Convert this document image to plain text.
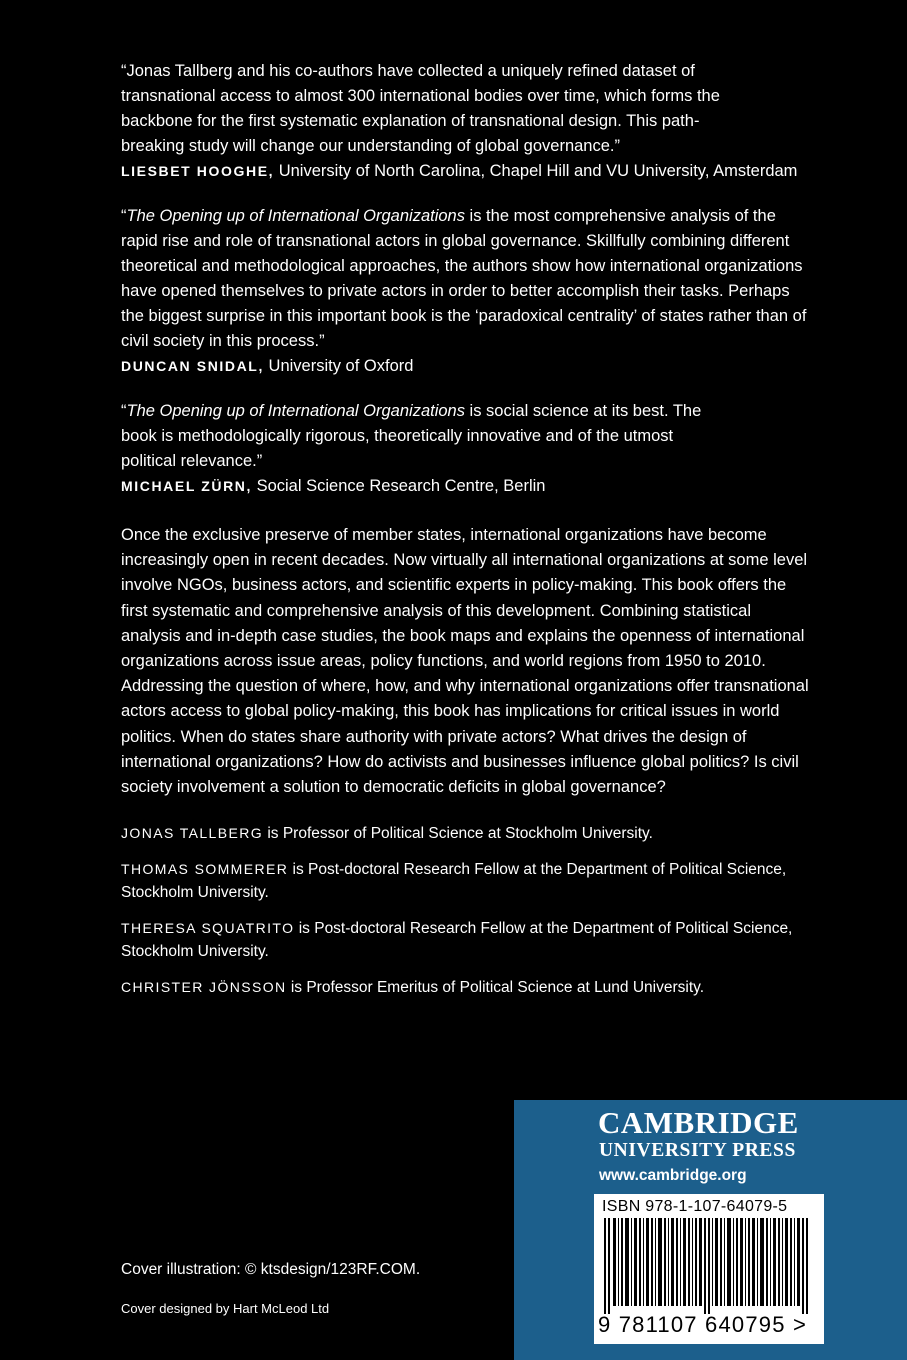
“Jonas Tallberg and his co-authors have collected a uniquely refined dataset of transnational access to almost 300 international bodies over time, which forms the backbone for the first systematic explanation of transnational design. This path-breaking study will change our understanding of global governance.”

LIESBET HOOGHE, University of North Carolina, Chapel Hill and VU University, Amsterdam

“The Opening up of International Organizations is the most comprehensive analysis of the rapid rise and role of transnational actors in global governance. Skillfully combining different theoretical and methodological approaches, the authors show how international organizations have opened themselves to private actors in order to better accomplish their tasks. Perhaps the biggest surprise in this important book is the ‘paradoxical centrality’ of states rather than of civil society in this process.”

DUNCAN SNIDAL, University of Oxford

“The Opening up of International Organizations is social science at its best. The book is methodologically rigorous, theoretically innovative and of the utmost political relevance.”

MICHAEL ZÜRN, Social Science Research Centre, Berlin

Once the exclusive preserve of member states, international organizations have become increasingly open in recent decades. Now virtually all international organizations at some level involve NGOs, business actors, and scientific experts in policy-making. This book offers the first systematic and comprehensive analysis of this development. Combining statistical analysis and in-depth case studies, the book maps and explains the openness of international organizations across issue areas, policy functions, and world regions from 1950 to 2010. Addressing the question of where, how, and why international organizations offer transnational actors access to global policy-making, this book has implications for critical issues in world politics. When do states share authority with private actors? What drives the design of international organizations? How do activists and businesses influence global politics? Is civil society involvement a solution to democratic deficits in global governance?

JONAS TALLBERG is Professor of Political Science at Stockholm University.

THOMAS SOMMERER is Post-doctoral Research Fellow at the Department of Political Science, Stockholm University.

THERESA SQUATRITO is Post-doctoral Research Fellow at the Department of Political Science, Stockholm University.

CHRISTER JÖNSSON is Professor Emeritus of Political Science at Lund University.

Cover illustration: © ktsdesign/123RF.COM.

Cover designed by Hart McLeod Ltd

CAMBRIDGE

UNIVERSITY PRESS

www.cambridge.org

ISBN 978-1-107-64079-5

9 781107 640795 >
